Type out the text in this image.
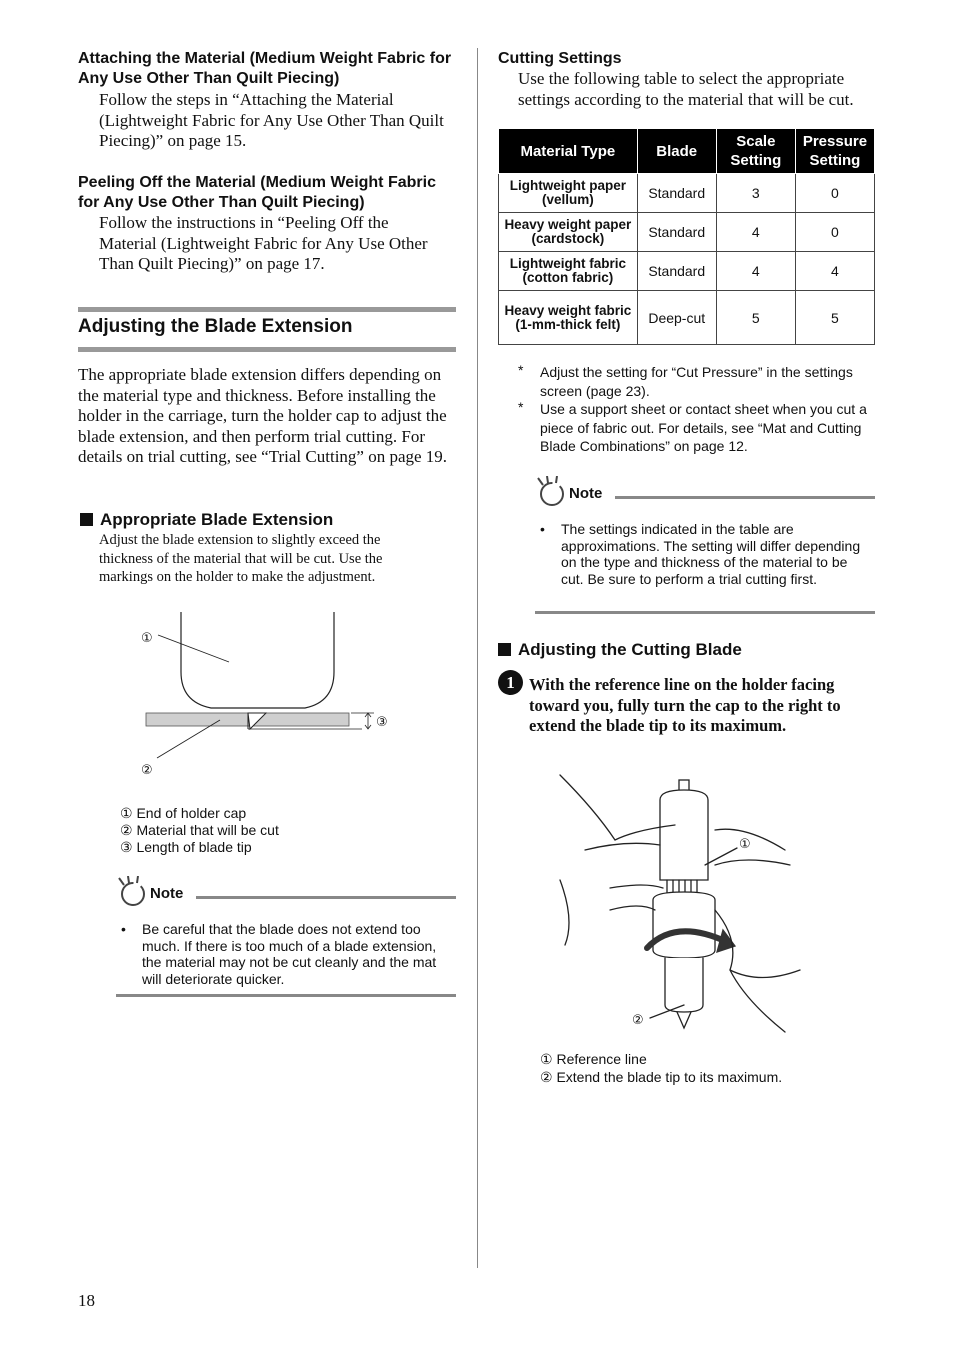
Attaching the Material (Medium Weight Fabric for Any Use Other Than Quilt Piecing)
Follow the steps in “Attaching the Material (Lightweight Fabric for Any Use Other Than Quilt Piecing)” on page 15.
Peeling Off the Material (Medium Weight Fabric for Any Use Other Than Quilt Piecing)
Follow the instructions in “Peeling Off the Material (Lightweight Fabric for Any Use Other Than Quilt Piecing)” on page 17.
Adjusting the Blade Extension
The appropriate blade extension differs depending on the material type and thickness. Before installing the holder in the carriage, turn the holder cap to adjust the blade extension, and then perform trial cutting. For details on trial cutting, see “Trial Cutting” on page 19.
Appropriate Blade Extension
Adjust the blade extension to slightly exceed the thickness of the material that will be cut. Use the markings on the holder to make the adjustment.
①
②
③
① End of holder cap
② Material that will be cut
③ Length of blade tip
Note
• Be careful that the blade does not extend too much. If there is too much of a blade extension, the material may not be cut cleanly and the mat will deteriorate quicker.
18
Cutting Settings
Use the following table to select the appropriate settings according to the material that will be cut.
Material Type	Blade	Scale Setting	Pressure Setting
Lightweight paper (vellum)	Standard	3	0
Heavy weight paper (cardstock)	Standard	4	0
Lightweight fabric (cotton fabric)	Standard	4	4
Heavy weight fabric (1-mm-thick felt)	Deep-cut	5	5
* Adjust the setting for “Cut Pressure” in the settings screen (page 23).
* Use a support sheet or contact sheet when you cut a piece of fabric out. For details, see “Mat and Cutting Blade Combinations” on page 12.
Note
• The settings indicated in the table are approximations. The setting will differ depending on the type and thickness of the material to be cut. Be sure to perform a trial cutting first.
Adjusting the Cutting Blade
1 With the reference line on the holder facing toward you, fully turn the cap to the right to extend the blade tip to its maximum.
①
②
① Reference line
② Extend the blade tip to its maximum.
